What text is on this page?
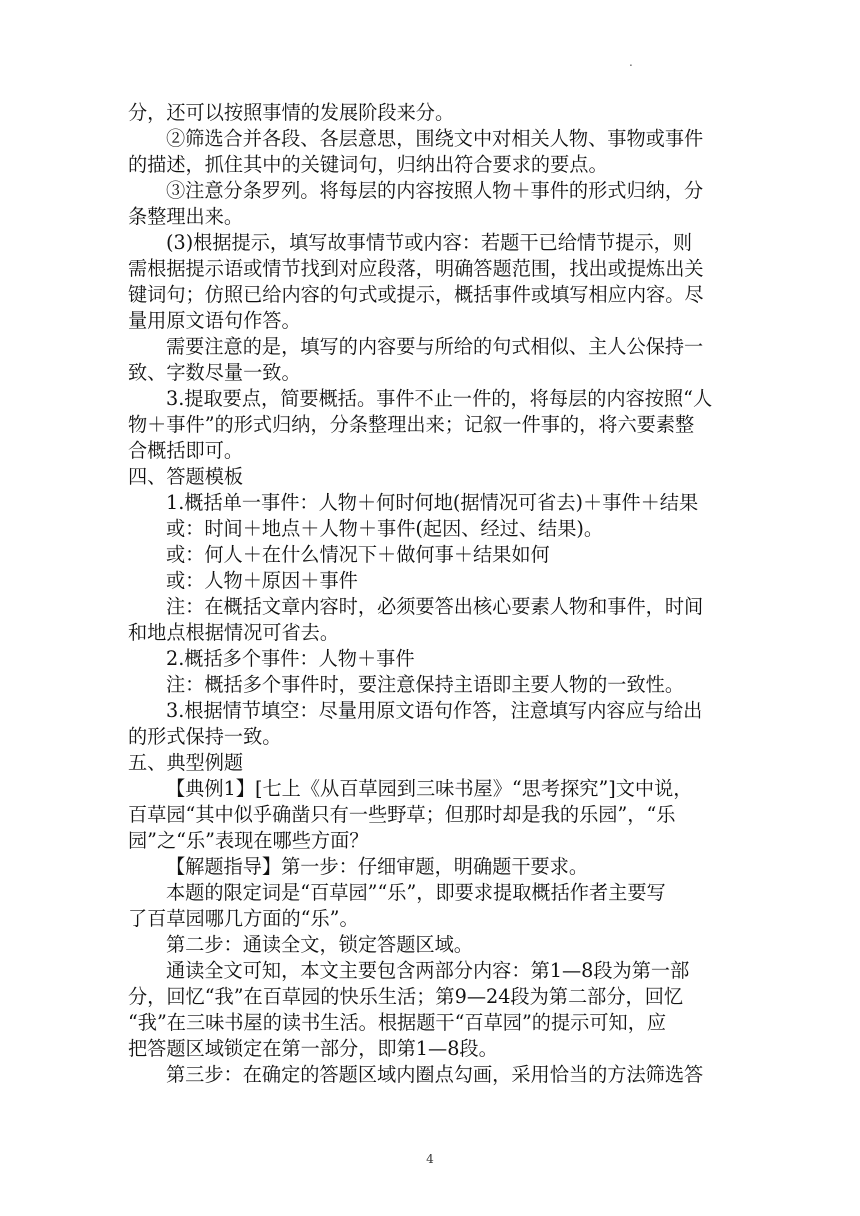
.
分，还可以按照事情的发展阶段来分。
②筛选合并各段、各层意思，围绕文中对相关人物、事物或事件
的描述，抓住其中的关键词句，归纳出符合要求的要点。
③注意分条罗列。将每层的内容按照人物＋事件的形式归纳，分
条整理出来。
(3)根据提示，填写故事情节或内容：若题干已给情节提示，则
需根据提示语或情节找到对应段落，明确答题范围，找出或提炼出关
键词句；仿照已给内容的句式或提示，概括事件或填写相应内容。尽
量用原文语句作答。
需要注意的是，填写的内容要与所给的句式相似、主人公保持一
致、字数尽量一致。
3.提取要点，简要概括。事件不止一件的，将每层的内容按照“人
物＋事件”的形式归纳，分条整理出来；记叙一件事的，将六要素整
合概括即可。
四、答题模板
1.概括单一事件：人物＋何时何地(据情况可省去)＋事件＋结果
或：时间＋地点＋人物＋事件(起因、经过、结果)。
或：何人＋在什么情况下＋做何事＋结果如何
或：人物＋原因＋事件
注：在概括文章内容时，必须要答出核心要素人物和事件，时间
和地点根据情况可省去。
2.概括多个事件：人物＋事件
注：概括多个事件时，要注意保持主语即主要人物的一致性。
3.根据情节填空：尽量用原文语句作答，注意填写内容应与给出
的形式保持一致。
五、典型例题
【典例1】[七上《从百草园到三味书屋》“思考探究”]文中说，
百草园“其中似乎确凿只有一些野草；但那时却是我的乐园”，“乐
园”之“乐”表现在哪些方面？
【解题指导】第一步：仔细审题，明确题干要求。
本题的限定词是“百草园”“乐”，即要求提取概括作者主要写
了百草园哪几方面的“乐”。
第二步：通读全文，锁定答题区域。
通读全文可知，本文主要包含两部分内容：第1—8段为第一部
分，回忆“我”在百草园的快乐生活；第9—24段为第二部分，回忆
“我”在三味书屋的读书生活。根据题干“百草园”的提示可知，应
把答题区域锁定在第一部分，即第1—8段。
第三步：在确定的答题区域内圈点勾画，采用恰当的方法筛选答
4
